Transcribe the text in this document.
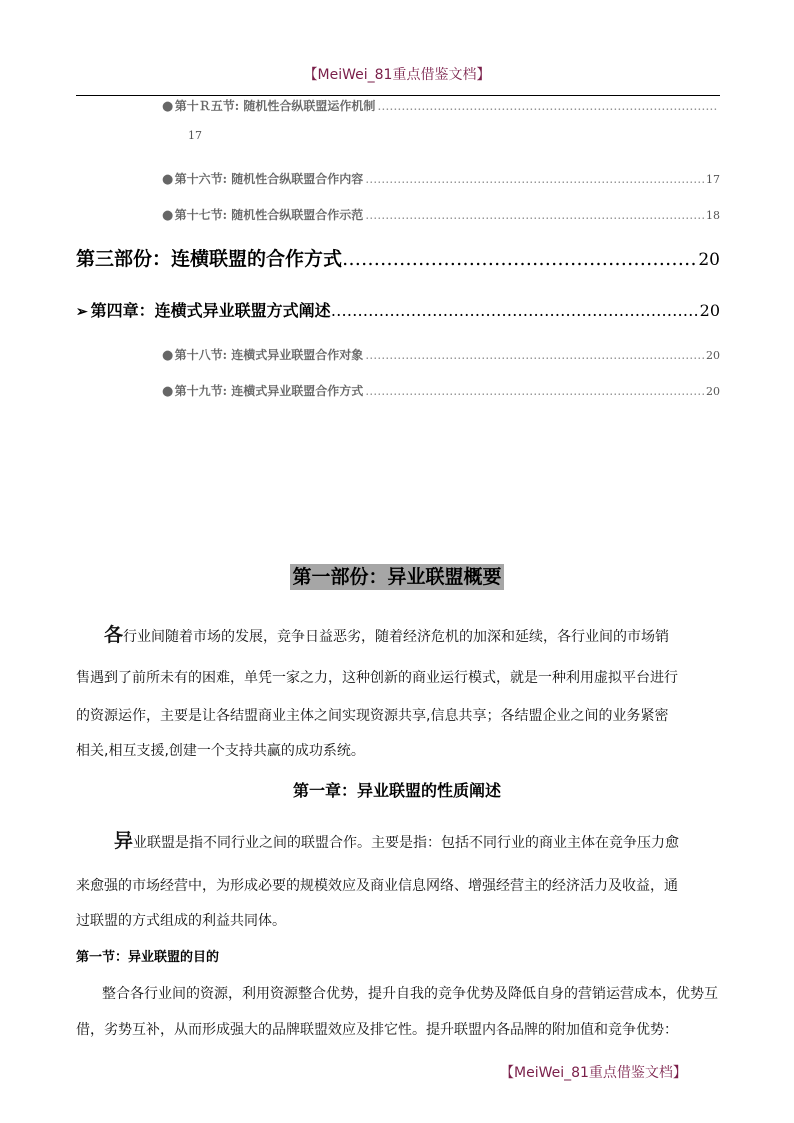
【MeiWei_81重点借鉴文档】
● 第十Ｒ五节: 随机性合纵联盟运作机制
…………………………………………………………………………………………………………………………………………………………
17
● 第十六节: 随机性合纵联盟合作内容 …………………………………………………………………………………………………………………………………………………………	17
● 第十七节: 随机性合纵联盟合作示范 …………………………………………………………………………………………………………………………………………………………	18
第三部份：连横联盟的合作方式 …………………………………………………………………………………………………………	20
➢ 第四章：连横式异业联盟方式阐述 ……………………………………………………………………………………………………………………	20
● 第十八节: 连横式异业联盟合作对象 …………………………………………………………………………………………………………………………………………………………	20
● 第十九节: 连横式异业联盟合作方式 …………………………………………………………………………………………………………………………………………………………	20
第一部份：异业联盟概要
各行业间随着市场的发展，竞争日益恶劣，随着经济危机的加深和延续，各行业间的市场销
售遇到了前所未有的困难，单凭一家之力，这种创新的商业运行模式，就是一种利用虚拟平台进行
的资源运作，主要是让各结盟商业主体之间实现资源共享,信息共享；各结盟企业之间的业务紧密
相关,相互支援,创建一个支持共赢的成功系统。
第一章：异业联盟的性质阐述
异业联盟是指不同行业之间的联盟合作。主要是指：包括不同行业的商业主体在竞争压力愈
来愈强的市场经营中，为形成必要的规模效应及商业信息网络、增强经营主的经济活力及收益，通
过联盟的方式组成的利益共同体。
第一节：异业联盟的目的
整合各行业间的资源，利用资源整合优势，提升自我的竞争优势及降低自身的营销运营成本，优势互
借，劣势互补，从而形成强大的品牌联盟效应及排它性。提升联盟内各品牌的附加值和竞争优势：
【MeiWei_81重点借鉴文档】
